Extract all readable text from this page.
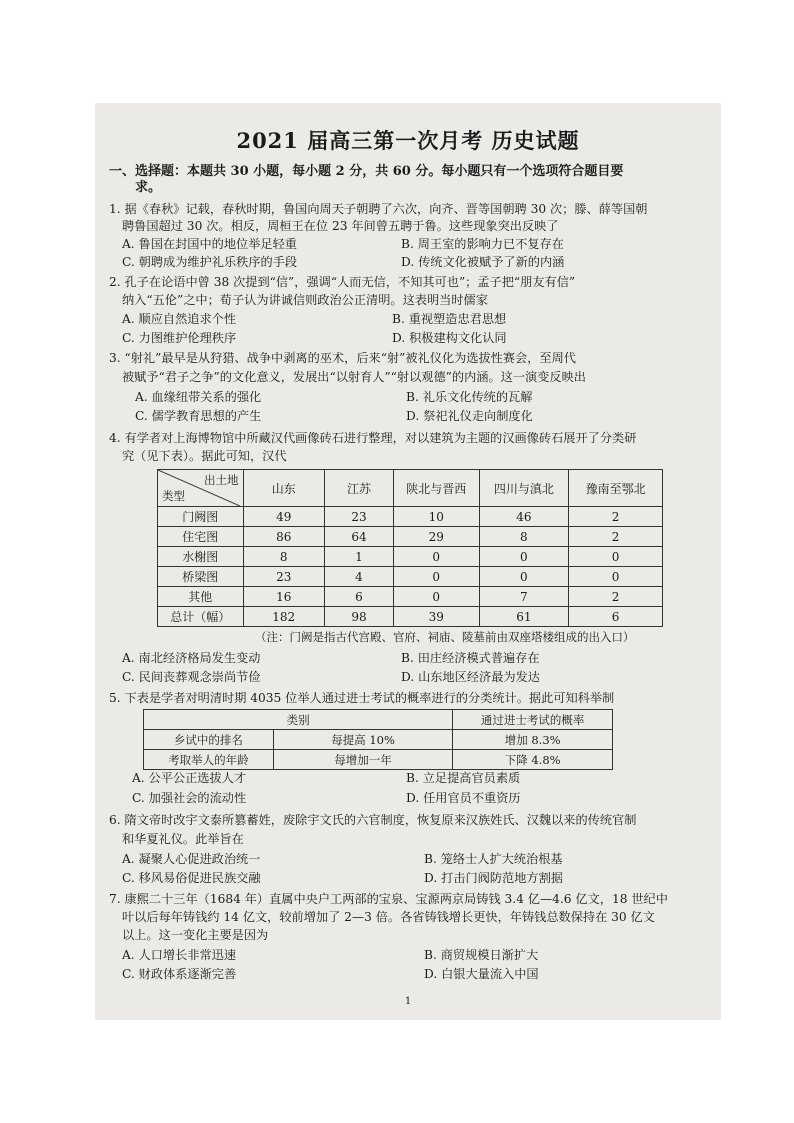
2021 届高三第一次月考 历史试题
一、选择题：本题共 30 小题，每小题 2 分，共 60 分。每小题只有一个选项符合题目要
求。
1. 据《春秋》记载，春秋时期，鲁国向周天子朝聘了六次，向齐、晋等国朝聘 30 次；滕、薛等国朝
聘鲁国超过 30 次。相反，周桓王在位 23 年间曾五聘于鲁。这些现象突出反映了
A. 鲁国在封国中的地位举足轻重	B. 周王室的影响力已不复存在
C. 朝聘成为维护礼乐秩序的手段	D. 传统文化被赋予了新的内涵
2. 孔子在论语中曾 38 次提到“信”，强调“人而无信，不知其可也”；孟子把“朋友有信”
纳入“五伦”之中；荀子认为讲诚信则政治公正清明。这表明当时儒家
A. 顺应自然追求个性	B. 重视塑造忠君思想
C. 力图维护伦理秩序	D. 积极建构文化认同
3. “射礼”最早是从狩猎、战争中剥离的巫术，后来“射”被礼仪化为选拔性赛会，至周代
被赋予“君子之争”的文化意义，发展出“以射育人”“射以观德”的内涵。这一演变反映出
A. 血缘纽带关系的强化	B. 礼乐文化传统的瓦解
C. 儒学教育思想的产生	D. 祭祀礼仪走向制度化
4. 有学者对上海博物馆中所藏汉代画像砖石进行整理，对以建筑为主题的汉画像砖石展开了分类研
究（见下表）。据此可知，汉代
出土地
类型	山东	江苏	陕北与晋西	四川与滇北	豫南至鄂北
门阙图	49	23	10	46	2
住宅图	86	64	29	8	2
水榭图	8	1	0	0	0
桥梁图	23	4	0	0	0
其他	16	6	0	7	2
总计（幅）	182	98	39	61	6
（注：门阙是指古代宫殿、官府、祠庙、陵墓前由双座塔楼组成的出入口）
A. 南北经济格局发生变动	B. 田庄经济模式普遍存在
C. 民间丧葬观念崇尚节俭	D. 山东地区经济最为发达
5. 下表是学者对明清时期 4035 位举人通过进士考试的概率进行的分类统计。据此可知科举制
类别		通过进士考试的概率
乡试中的排名	每提高 10%	增加 8.3%
考取举人的年龄	每增加一年	下降 4.8%
A. 公平公正选拔人才	B. 立足提高官员素质
C. 加强社会的流动性	D. 任用官员不重资历
6. 隋文帝时改宇文泰所篡蓄姓，废除宇文氏的六官制度，恢复原来汉族姓氏、汉魏以来的传统官制
和华夏礼仪。此举旨在
A. 凝聚人心促进政治统一	B. 笼络士人扩大统治根基
C. 移风易俗促进民族交融	D. 打击门阀防范地方割据
7. 康熙二十三年（1684 年）直属中央户工两部的宝泉、宝源两京局铸钱 3.4 亿—4.6 亿文，18 世纪中
叶以后每年铸钱约 14 亿文，较前增加了 2—3 倍。各省铸钱增长更快，年铸钱总数保持在 30 亿文
以上。这一变化主要是因为
A. 人口增长非常迅速	B. 商贸规模日渐扩大
C. 财政体系逐渐完善	D. 白银大量流入中国
1
